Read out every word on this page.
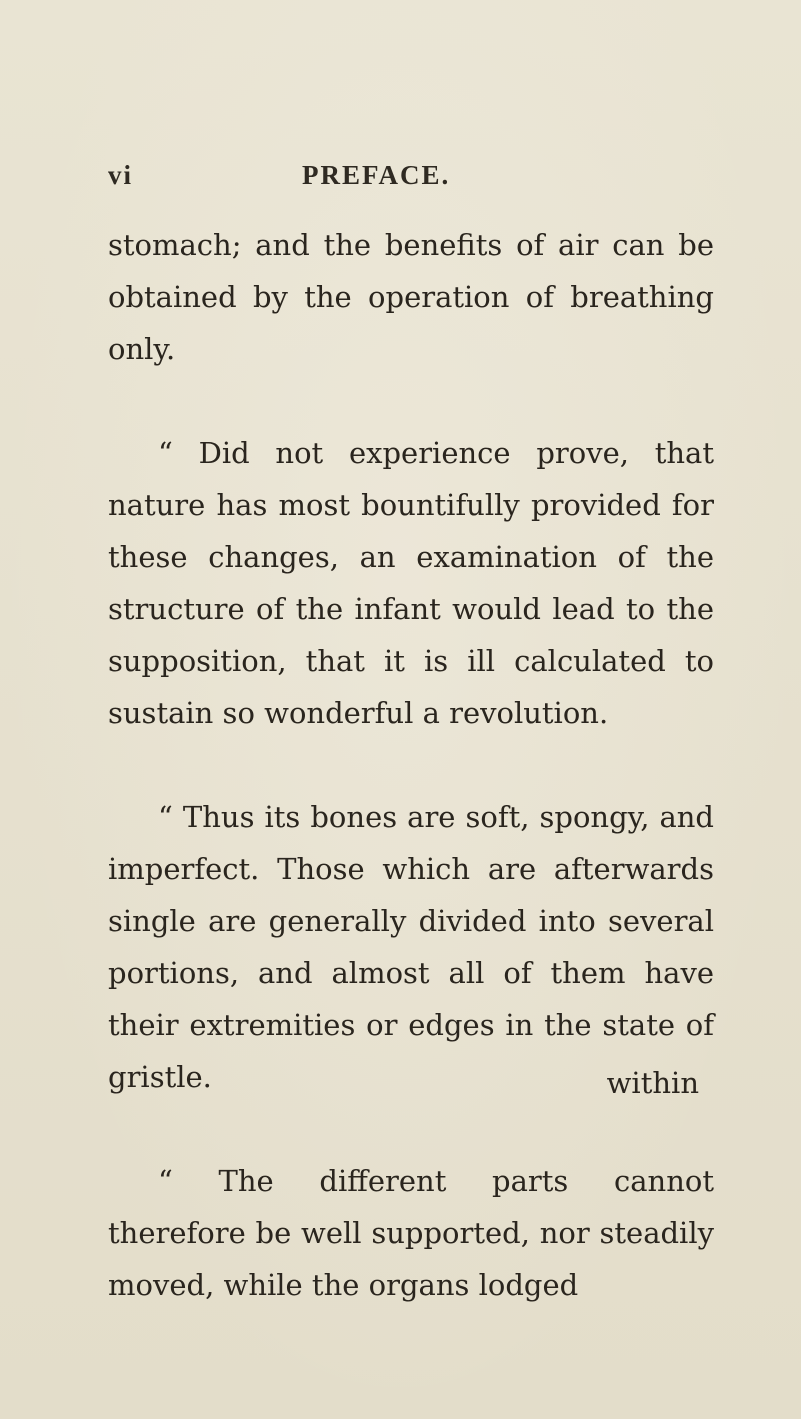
vi	PREFACE.

stomach; and the benefits of air can be obtained by the operation of breathing only.

“ Did not experience prove, that nature has most bountifully provided for these changes, an examination of the structure of the infant would lead to the supposition, that it is ill calculated to sustain so wonderful a revolution.

“ Thus its bones are soft, spongy, and imperfect. Those which are afterwards single are generally divided into several portions, and almost all of them have their extremities or edges in the state of gristle.

“ The different parts cannot therefore be well supported, nor steadily moved, while the organs lodged

within
